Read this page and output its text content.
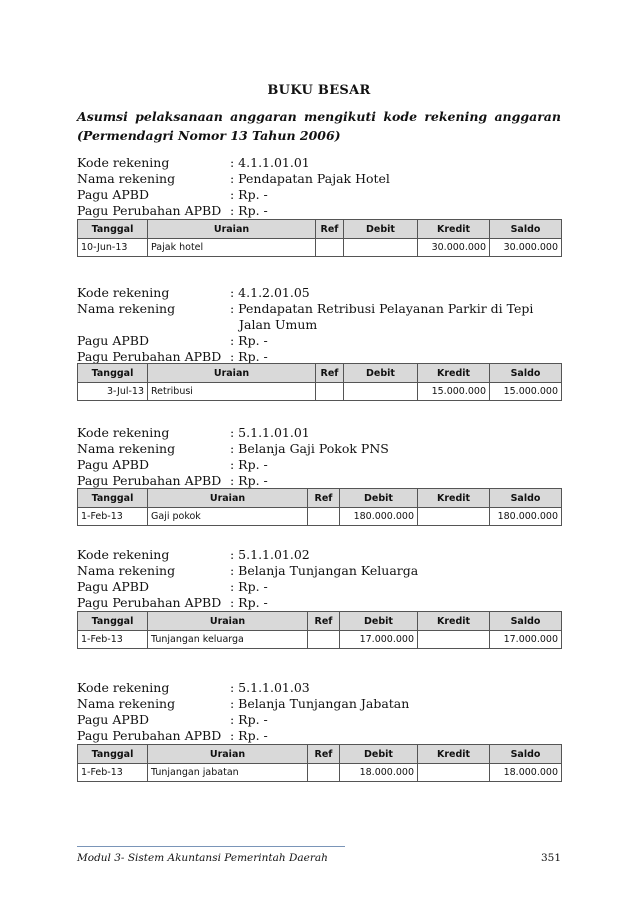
BUKU BESAR
Asumsi pelaksanaan anggaran mengikuti kode rekening anggaran
(Permendagri Nomor 13 Tahun 2006)
Kode rekening	: 4.1.1.01.01
Nama rekening	: Pendapatan Pajak Hotel
Pagu APBD	: Rp. -
Pagu Perubahan APBD : Rp. -
Tanggal	Uraian	Ref	Debit	Kredit	Saldo
10-Jun-13	Pajak hotel			30.000.000	30.000.000
Kode rekening	: 4.1.2.01.05
Nama rekening	: Pendapatan Retribusi Pelayanan Parkir di Tepi
Jalan Umum
Pagu APBD	: Rp. -
Pagu Perubahan APBD : Rp. -
Tanggal	Uraian	Ref	Debit	Kredit	Saldo
3-Jul-13	Retribusi			15.000.000	15.000.000
Kode rekening	: 5.1.1.01.01
Nama rekening	: Belanja Gaji Pokok PNS
Pagu APBD	: Rp. -
Pagu Perubahan APBD : Rp. -
Tanggal	Uraian	Ref	Debit	Kredit	Saldo
1-Feb-13	Gaji pokok		180.000.000		180.000.000
Kode rekening	: 5.1.1.01.02
Nama rekening	: Belanja Tunjangan Keluarga
Pagu APBD	: Rp. -
Pagu Perubahan APBD : Rp. -
Tanggal	Uraian	Ref	Debit	Kredit	Saldo
1-Feb-13	Tunjangan keluarga		17.000.000		17.000.000
Kode rekening	: 5.1.1.01.03
Nama rekening	: Belanja Tunjangan Jabatan
Pagu APBD	: Rp. -
Pagu Perubahan APBD : Rp. -
Tanggal	Uraian	Ref	Debit	Kredit	Saldo
1-Feb-13	Tunjangan jabatan		18.000.000		18.000.000
Modul 3- Sistem Akuntansi Pemerintah Daerah	351
